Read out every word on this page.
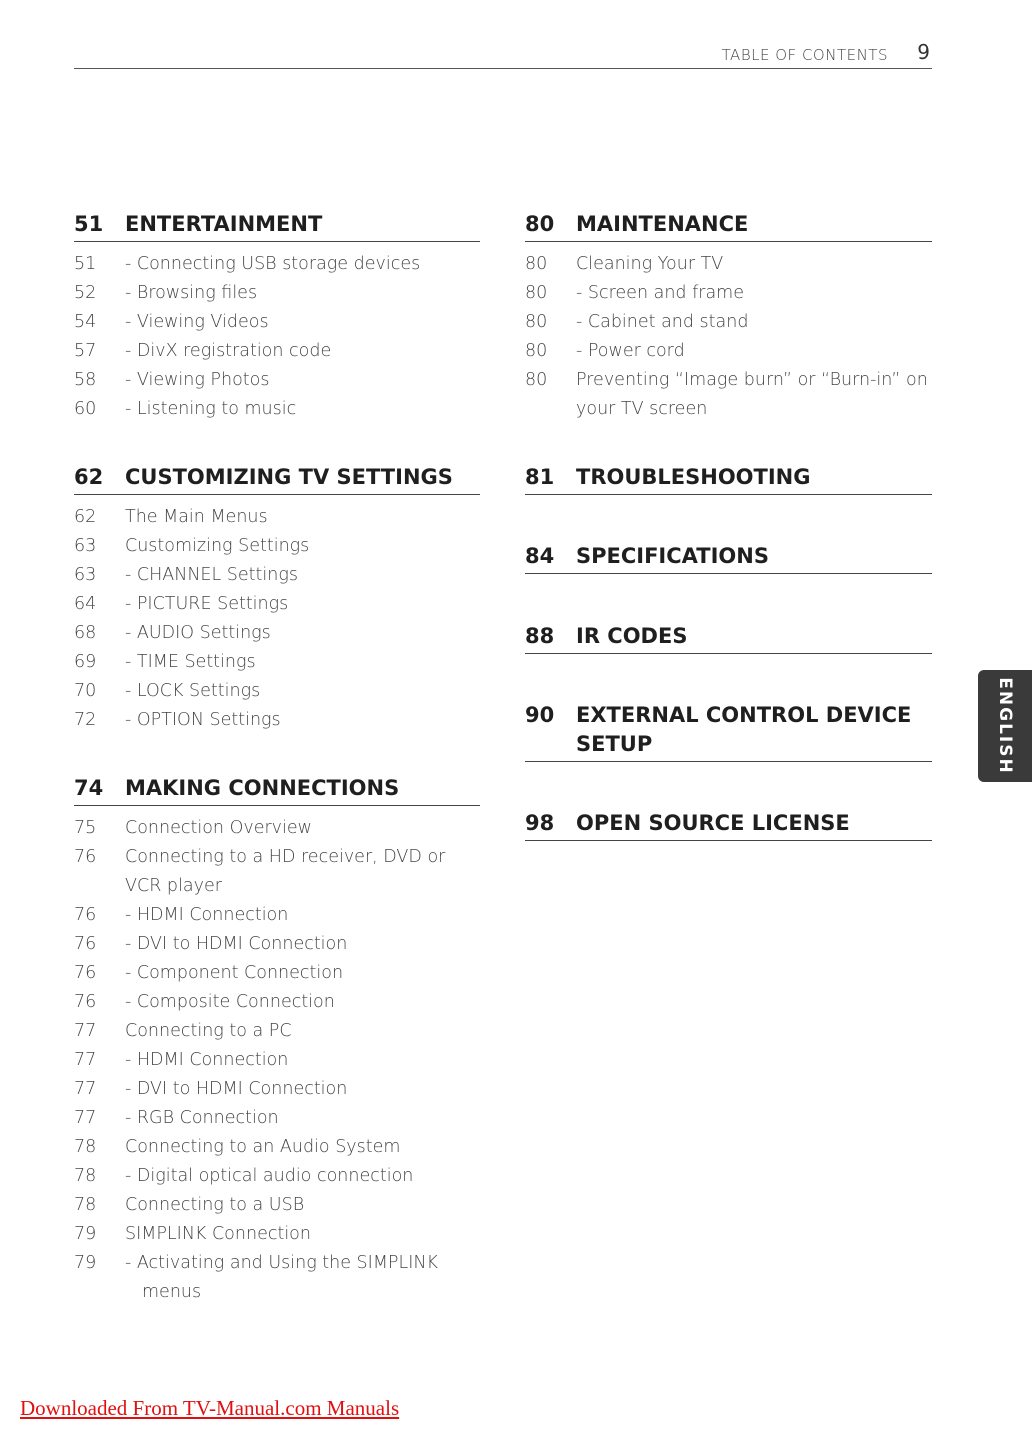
TABLE OF CONTENTS 9
51	ENTERTAINMENT
51	- Connecting USB storage devices
52	- Browsing files
54	- Viewing Videos
57	- DivX registration code
58	- Viewing Photos
60	- Listening to music
62	CUSTOMIZING TV SETTINGS
62	The Main Menus
63	Customizing Settings
63	- CHANNEL Settings
64	- PICTURE Settings
68	- AUDIO Settings
69	- TIME Settings
70	- LOCK Settings
72	- OPTION Settings
74	MAKING CONNECTIONS
75	Connection Overview
76	Connecting to a HD receiver, DVD or VCR player
76	- HDMI Connection
76	- DVI to HDMI Connection
76	- Component Connection
76	- Composite Connection
77	Connecting to a PC
77	- HDMI Connection
77	- DVI to HDMI Connection
77	- RGB Connection
78	Connecting to an Audio System
78	- Digital optical audio connection
78	Connecting to a USB
79	SIMPLINK Connection
79	- Activating and Using the SIMPLINK menus
80	MAINTENANCE
80	Cleaning Your TV
80	- Screen and frame
80	- Cabinet and stand
80	- Power cord
80	Preventing “Image burn” or “Burn-in” on your TV screen
81	TROUBLESHOOTING
84	SPECIFICATIONS
88	IR CODES
90	EXTERNAL CONTROL DEVICE SETUP
98	OPEN SOURCE LICENSE
ENGLISH
Downloaded From TV-Manual.com Manuals
